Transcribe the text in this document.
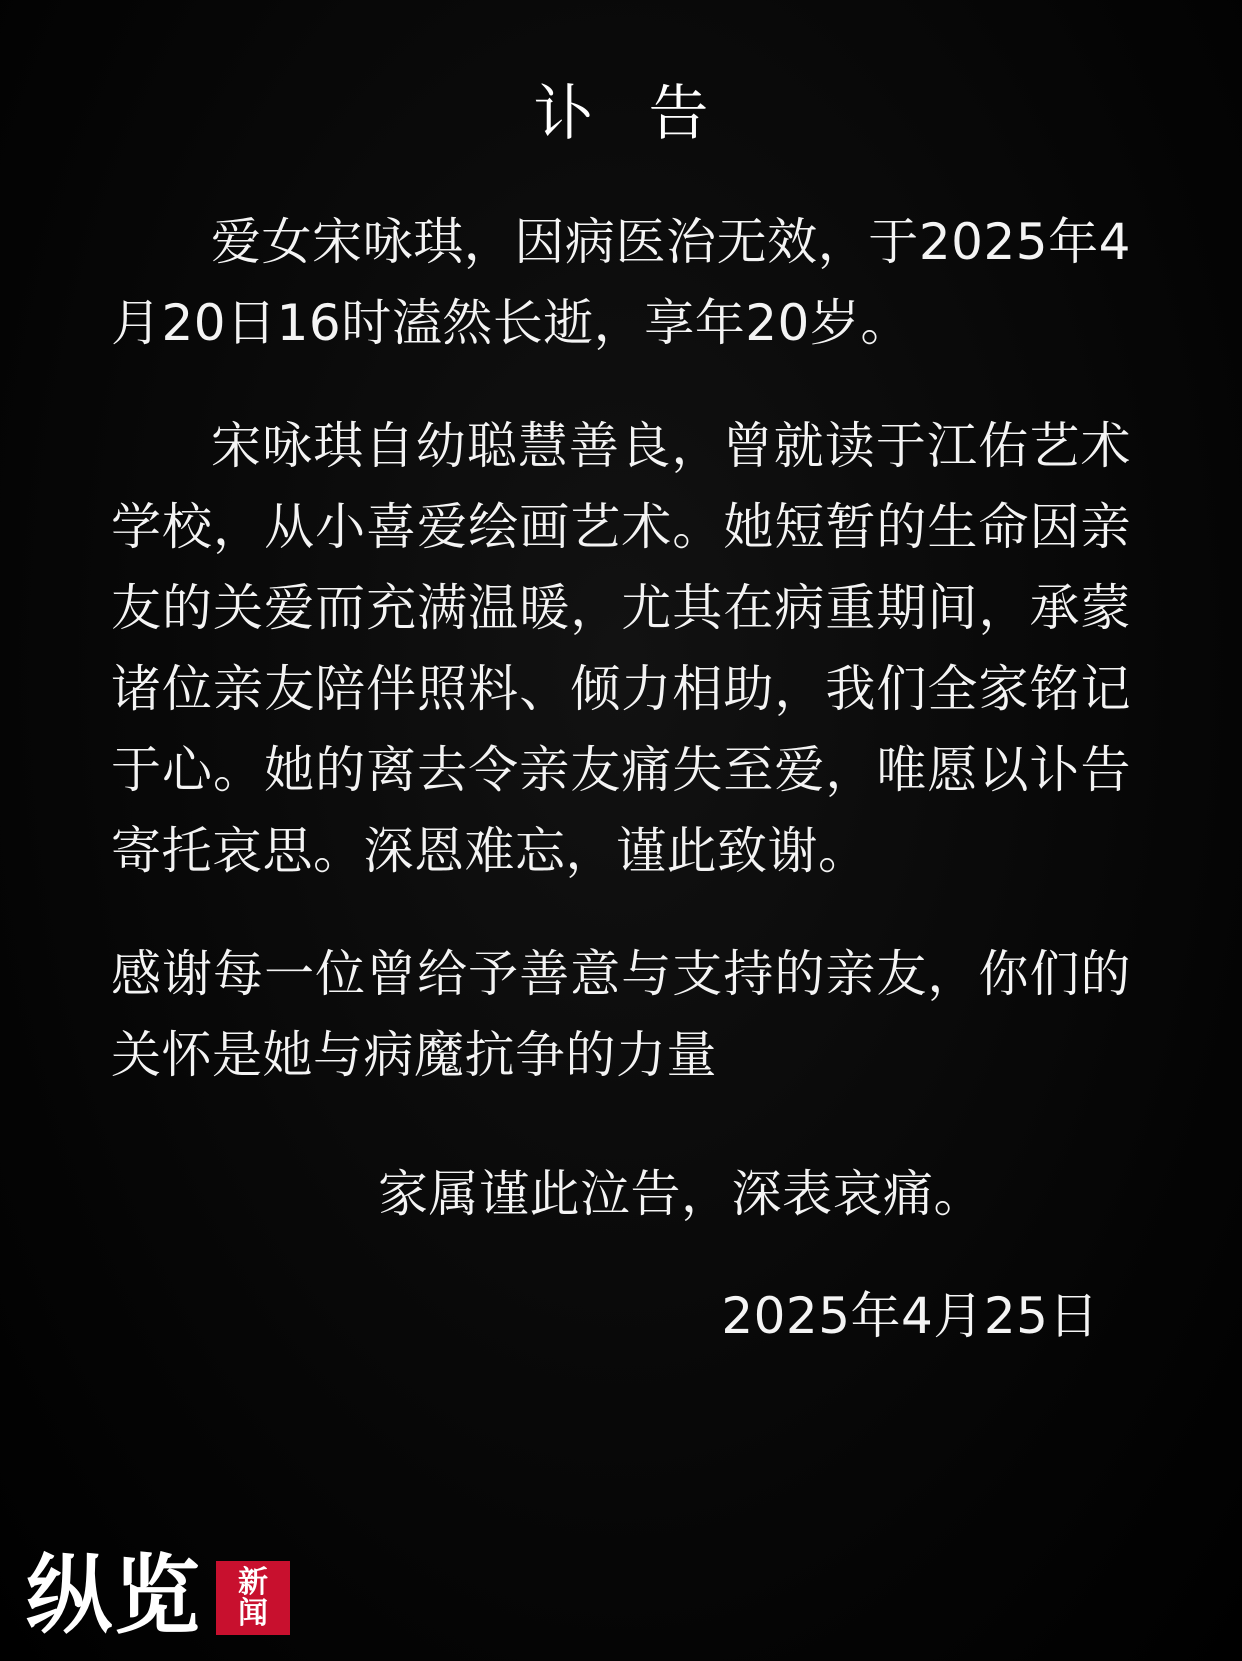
讣 告

爱女宋咏琪，因病医治无效，于2025年4月20日16时溘然长逝，享年20岁。

宋咏琪自幼聪慧善良，曾就读于江佑艺术学校，从小喜爱绘画艺术。她短暂的生命因亲友的关爱而充满温暖，尤其在病重期间，承蒙诸位亲友陪伴照料、倾力相助，我们全家铭记于心。她的离去令亲友痛失至爱，唯愿以讣告寄托哀思。深恩难忘，谨此致谢。

感谢每一位曾给予善意与支持的亲友，你们的关怀是她与病魔抗争的力量

家属谨此泣告，深表哀痛。

2025年4月25日

纵览 新
闻
